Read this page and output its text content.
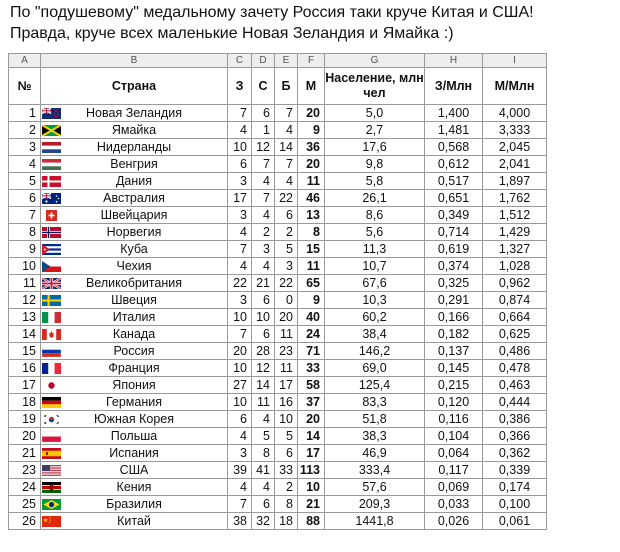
По "подушевому" медальному зачету Россия таки круче Китая и США!
Правда, круче всех маленькие Новая Зеландия и Ямайка :)
A	B	C	D	E	F	G	H	I
№	Страна	З	С	Б	М	Население, млн чел	З/Млн	М/Млн
1	Новая Зеландия	7	6	7	20	5,0	1,400	4,000
2	Ямайка	4	1	4	9	2,7	1,481	3,333
3	Нидерланды	10	12	14	36	17,6	0,568	2,045
4	Венгрия	6	7	7	20	9,8	0,612	2,041
5	Дания	3	4	4	11	5,8	0,517	1,897
6	Австралия	17	7	22	46	26,1	0,651	1,762
7	Швейцария	3	4	6	13	8,6	0,349	1,512
8	Норвегия	4	2	2	8	5,6	0,714	1,429
9	Куба	7	3	5	15	11,3	0,619	1,327
10	Чехия	4	4	3	11	10,7	0,374	1,028
11	Великобритания	22	21	22	65	67,6	0,325	0,962
12	Швеция	3	6	0	9	10,3	0,291	0,874
13	Италия	10	10	20	40	60,2	0,166	0,664
14	Канада	7	6	11	24	38,4	0,182	0,625
15	Россия	20	28	23	71	146,2	0,137	0,486
16	Франция	10	12	11	33	69,0	0,145	0,478
17	Япония	27	14	17	58	125,4	0,215	0,463
18	Германия	10	11	16	37	83,3	0,120	0,444
19	Южная Корея	6	4	10	20	51,8	0,116	0,386
20	Польша	4	5	5	14	38,3	0,104	0,366
21	Испания	3	8	6	17	46,9	0,064	0,362
23	США	39	41	33	113	333,4	0,117	0,339
24	Кения	4	4	2	10	57,6	0,069	0,174
25	Бразилия	7	6	8	21	209,3	0,033	0,100
26	Китай	38	32	18	88	1441,8	0,026	0,061
